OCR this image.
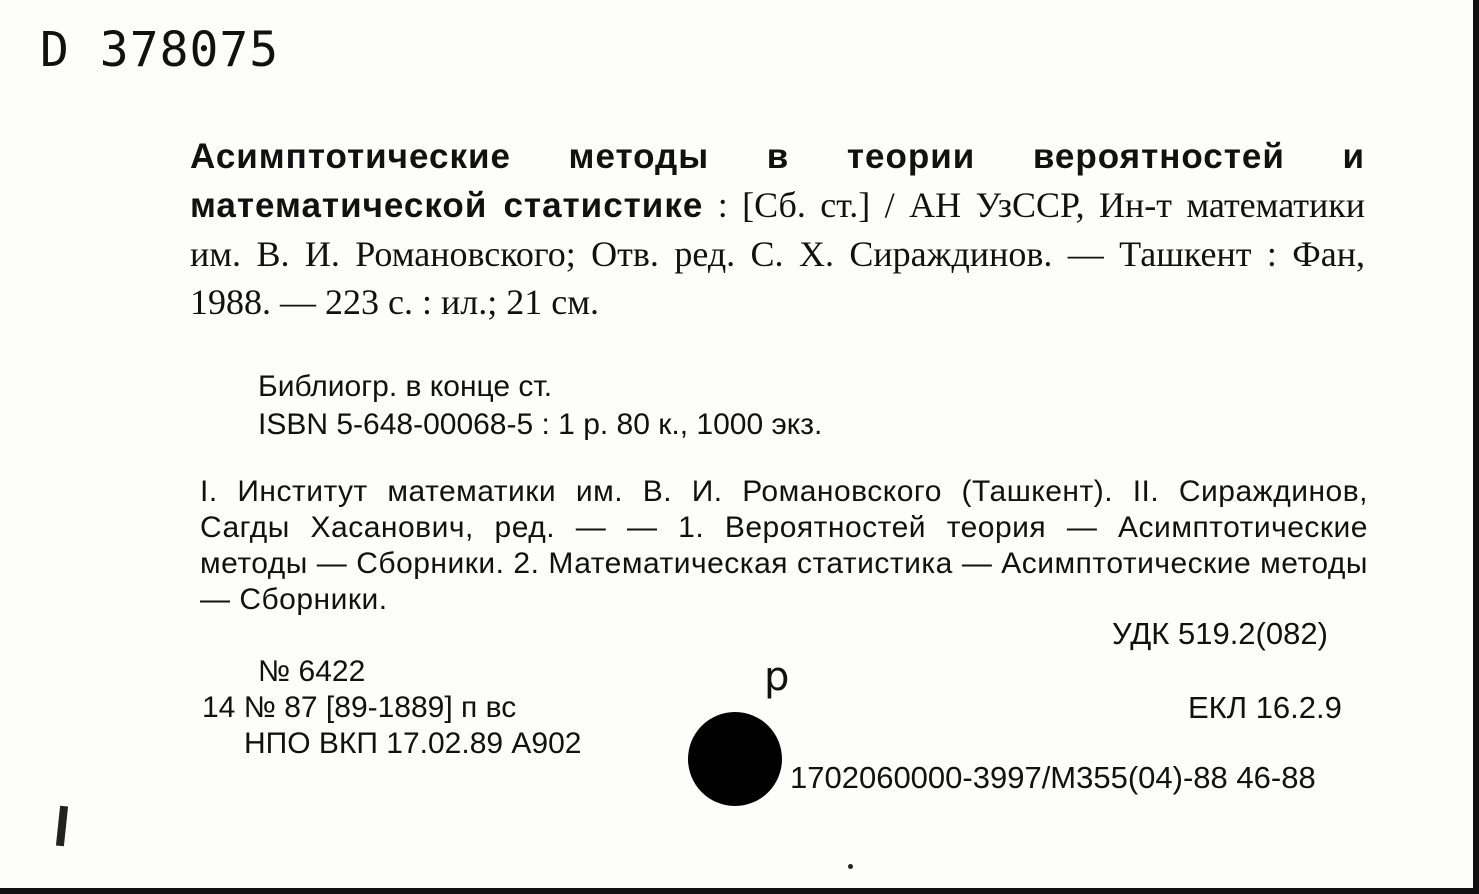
D 378075
Асимптотические методы в теории вероятностей и математической статистике : [Сб. ст.] / АН УзССР, Ин-т математики им. В. И. Романовского; Отв. ред. С. Х. Сираждинов. — Ташкент : Фан, 1988. — 223 с. : ил.; 21 см.
Библиогр. в конце ст.
ISBN 5-648-00068-5 : 1 р. 80 к., 1000 экз.
I. Институт математики им. В. И. Романовского (Ташкент). II. Сираждинов, Сагды Хасанович, ред. — — 1. Вероятностей теория — Асимптотические методы — Сборники. 2. Математическая статистика — Асимптотические методы — Сборники.
УДК 519.2(082)
№ 6422
14 № 87 [89-1889] п вс
НПО ВКП 17.02.89 А902
р
ЕКЛ 16.2.9
1702060000-3997/М355(04)-88 46-88
